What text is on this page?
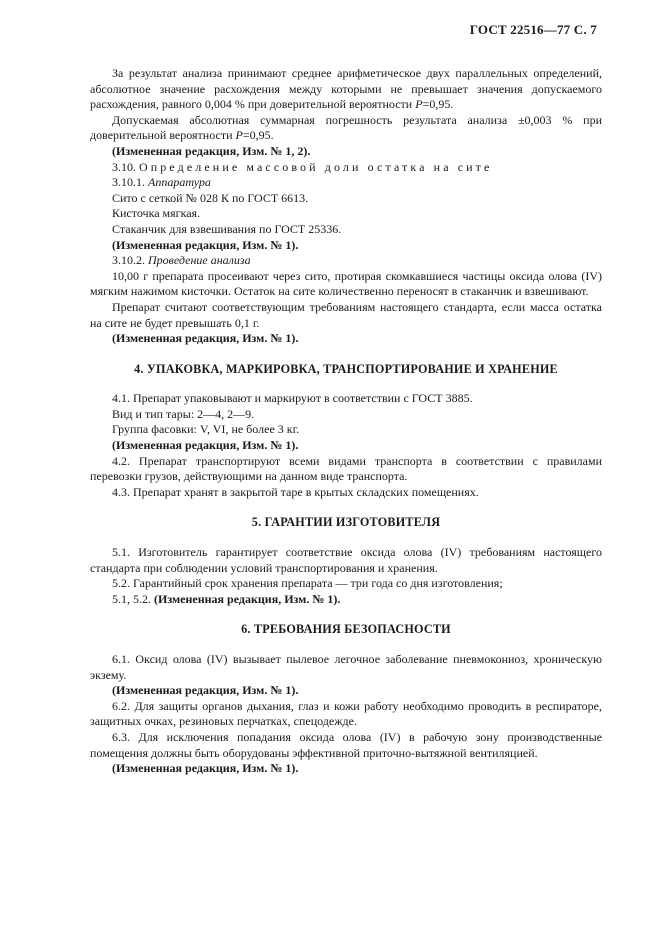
ГОСТ 22516—77 С. 7

За результат анализа принимают среднее арифметическое двух параллельных определений, абсолютное значение расхождения между которыми не превышает значения допускаемого расхождения, равного 0,004 % при доверительной вероятности Р=0,95.

Допускаемая абсолютная суммарная погрешность результата анализа ±0,003 % при доверительной вероятности Р=0,95.

(Измененная редакция, Изм. № 1, 2).

3.10. Определение массовой доли остатка на сите

3.10.1. Аппаратура

Сито с сеткой № 028 К по ГОСТ 6613.

Кисточка мягкая.

Стаканчик для взвешивания по ГОСТ 25336.

(Измененная редакция, Изм. № 1).

3.10.2. Проведение анализа

10,00 г препарата просеивают через сито, протирая скомкавшиеся частицы оксида олова (IV) мягким нажимом кисточки. Остаток на сите количественно переносят в стаканчик и взвешивают.

Препарат считают соответствующим требованиям настоящего стандарта, если масса остатка на сите не будет превышать 0,1 г.

(Измененная редакция, Изм. № 1).

4. УПАКОВКА, МАРКИРОВКА, ТРАНСПОРТИРОВАНИЕ И ХРАНЕНИЕ

4.1. Препарат упаковывают и маркируют в соответствии с ГОСТ 3885.

Вид и тип тары: 2—4, 2—9.

Группа фасовки: V, VI, не более 3 кг.

(Измененная редакция, Изм. № 1).

4.2. Препарат транспортируют всеми видами транспорта в соответствии с правилами перевозки грузов, действующими на данном виде транспорта.

4.3. Препарат хранят в закрытой таре в крытых складских помещениях.

5. ГАРАНТИИ ИЗГОТОВИТЕЛЯ

5.1. Изготовитель гарантирует соответствие оксида олова (IV) требованиям настоящего стандарта при соблюдении условий транспортирования и хранения.

5.2. Гарантийный срок хранения препарата — три года со дня изготовления;

5.1, 5.2. (Измененная редакция, Изм. № 1).

6. ТРЕБОВАНИЯ БЕЗОПАСНОСТИ

6.1. Оксид олова (IV) вызывает пылевое легочное заболевание пневмокониоз, хроническую экзему.

(Измененная редакция, Изм. № 1).

6.2. Для защиты органов дыхания, глаз и кожи работу необходимо проводить в респираторе, защитных очках, резиновых перчатках, спецодежде.

6.3. Для исключения попадания оксида олова (IV) в рабочую зону производственные помещения должны быть оборудованы эффективной приточно-вытяжной вентиляцией.

(Измененная редакция, Изм. № 1).
